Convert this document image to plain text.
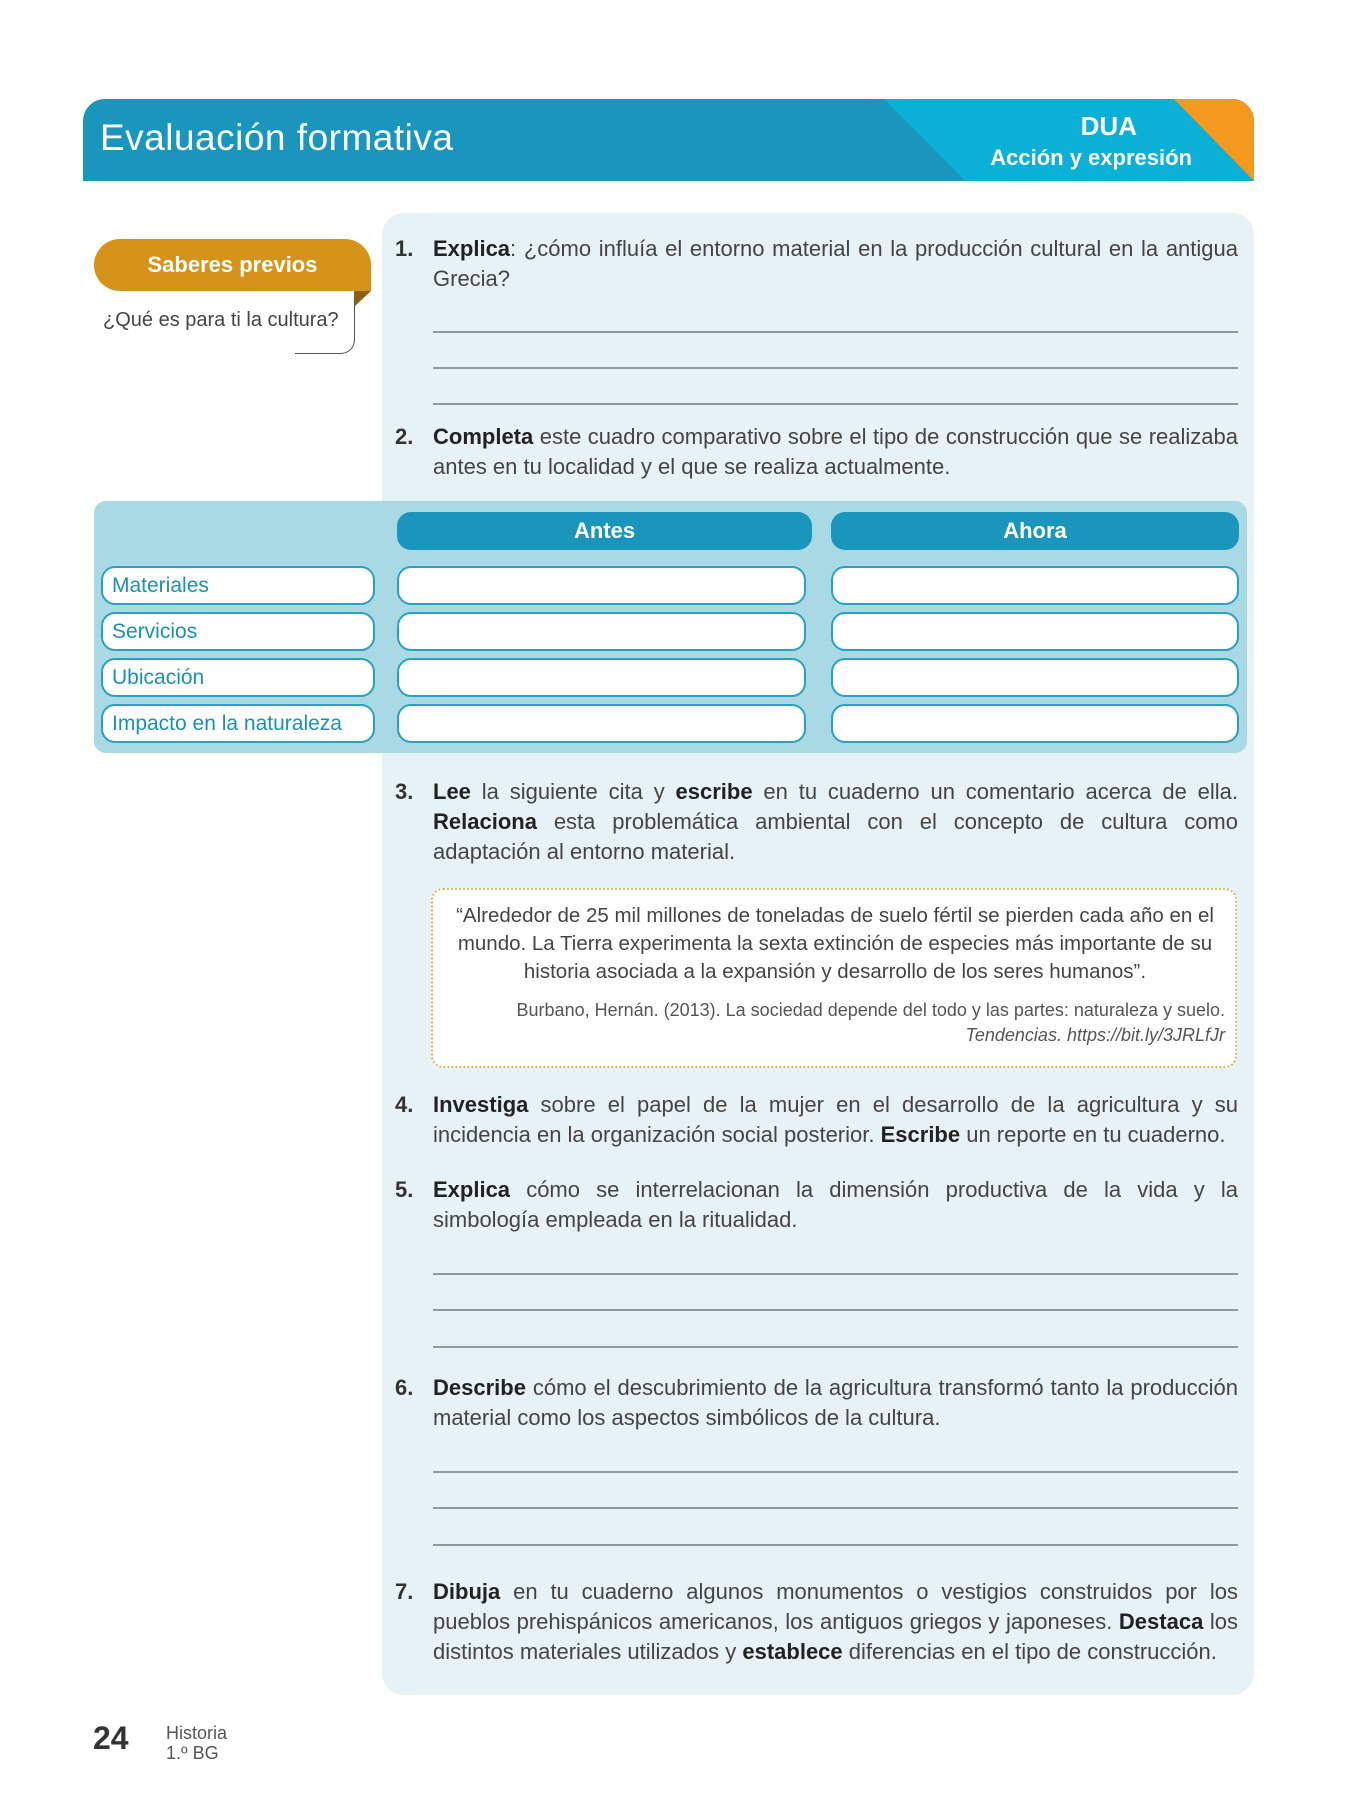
Evaluación formativa	DUA
Acción y expresión
Saberes previos
¿Qué es para ti la cultura?
1. Explica: ¿cómo influía el entorno material en la producción cultural en la antigua Grecia?
2. Completa este cuadro comparativo sobre el tipo de construcción que se realizaba antes en tu localidad y el que se realiza actualmente.
Antes	Ahora
Materiales
Servicios
Ubicación
Impacto en la naturaleza
3. Lee la siguiente cita y escribe en tu cuaderno un comentario acerca de ella. Relaciona esta problemática ambiental con el concepto de cultura como adaptación al entorno material.
“Alrededor de 25 mil millones de toneladas de suelo fértil se pierden cada año en el mundo. La Tierra experimenta la sexta extinción de especies más importante de su historia asociada a la expansión y desarrollo de los seres humanos”.
Burbano, Hernán. (2013). La sociedad depende del todo y las partes: naturaleza y suelo.
Tendencias. https://bit.ly/3JRLfJr
4. Investiga sobre el papel de la mujer en el desarrollo de la agricultura y su incidencia en la organización social posterior. Escribe un reporte en tu cuaderno.
5. Explica cómo se interrelacionan la dimensión productiva de la vida y la simbología empleada en la ritualidad.
6. Describe cómo el descubrimiento de la agricultura transformó tanto la producción material como los aspectos simbólicos de la cultura.
7. Dibuja en tu cuaderno algunos monumentos o vestigios construidos por los pueblos prehispánicos americanos, los antiguos griegos y japoneses. Destaca los distintos materiales utilizados y establece diferencias en el tipo de construcción.
24 Historia
1.º BG
